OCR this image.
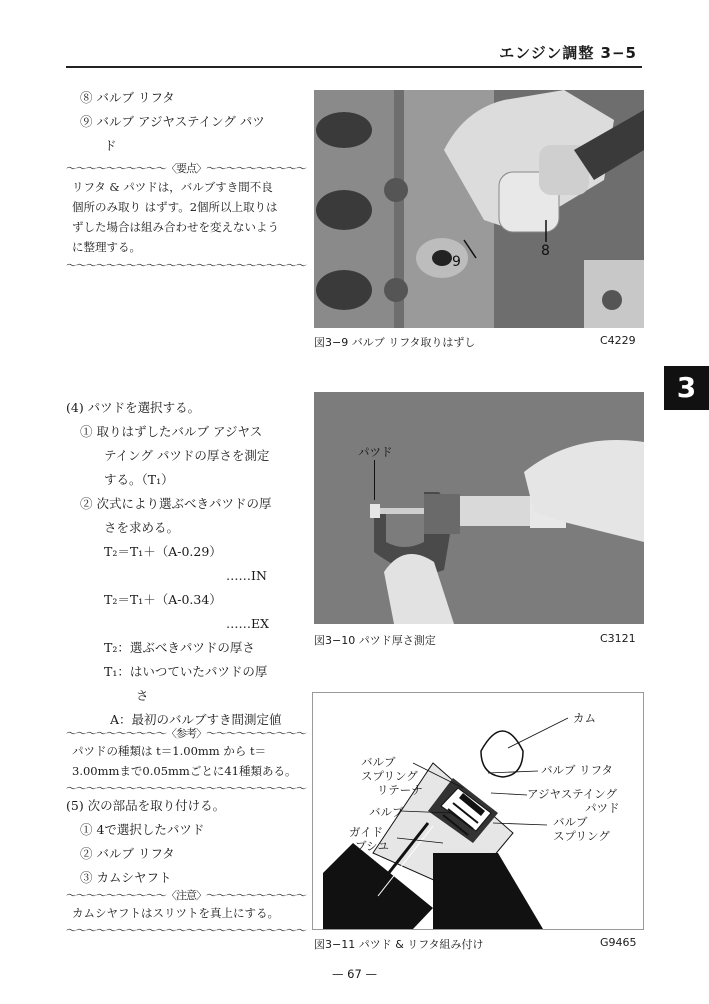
エンジン調整 3−5
3
⑧ バルブ リフタ
⑨ バルブ アジヤステイング パツ
ド
～～～～～～～～～～〈要点〉～～～～～～～～～～
リフタ & パツドは，バルブすき間不良
個所のみ取り はずす。2個所以上取りは
ずした場合は組み合わせを変えないよう
に整理する。
～～～～～～～～～～～～～～～～～～～～～～～～
(4) パツドを選択する。
① 取りはずしたバルブ アジヤス
テイング パツドの厚さを測定
する。（T₁）
② 次式により選ぶべきパツドの厚
さを求める。
T₂＝T₁＋（A-0.29）
……IN
T₂＝T₁＋（A-0.34）
……EX
T₂：選ぶべきパツドの厚さ
T₁：はいつていたパツドの厚
さ
A：最初のバルブすき間測定値
～～～～～～～～～～〈参考〉～～～～～～～～～～
パツドの種類は t＝1.00mm から t＝
3.00mmまで0.05mmごとに41種類ある。
～～～～～～～～～～～～～～～～～～～～～～～～
(5) 次の部品を取り付ける。
① 4で選択したパツド
② バルブ リフタ
③ カムシヤフト
～～～～～～～～～～〈注意〉～～～～～～～～～～
カムシヤフトはスリツトを真上にする。
～～～～～～～～～～～～～～～～～～～～～～～～
9
8
図3−9 バルブ リフタ取りはずし	C4229
パツド
図3−10 パツド厚さ測定	C3121
カム
バルブ
スプリング
リテーナ
バルブ
ガイド
ブシユ
バルブ リフタ
アジヤステイング
パツド
バルブ
スプリング
図3−11 パツド & リフタ組み付け	G9465
— 67 —
